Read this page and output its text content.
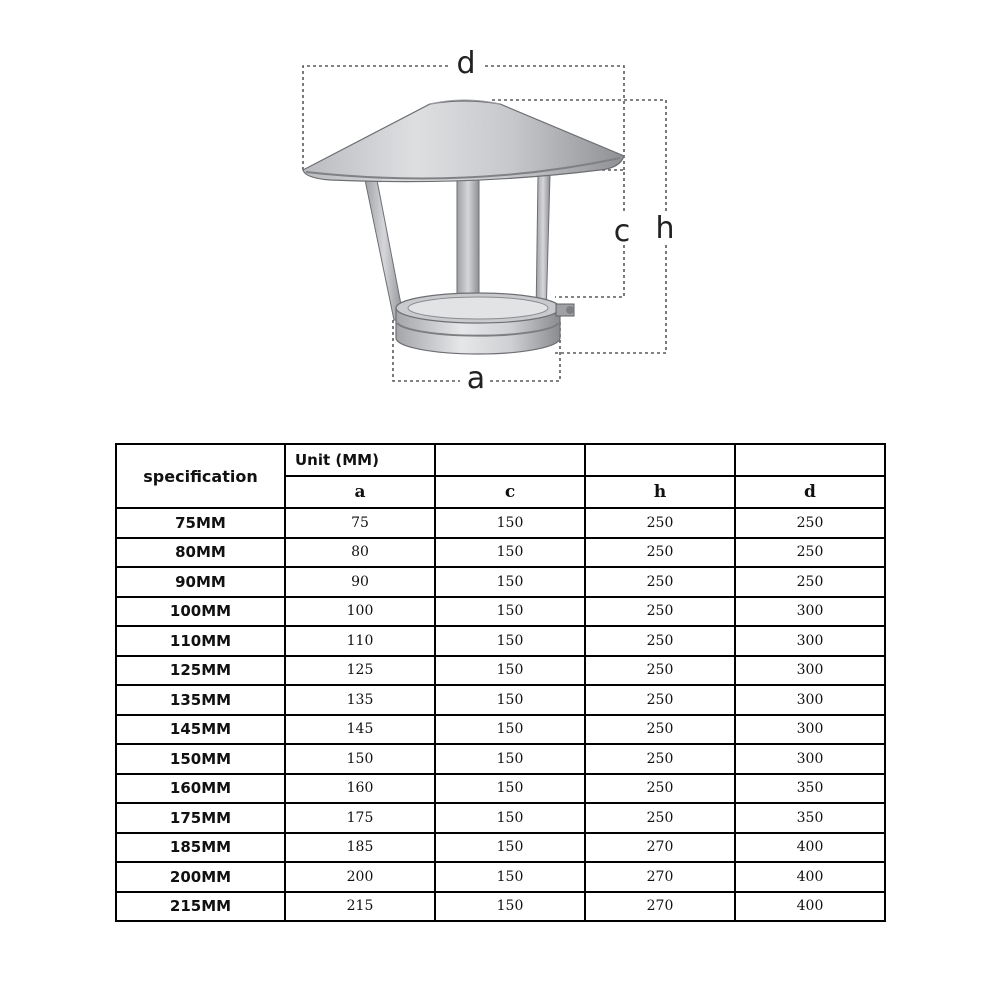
d
c h
a
specification	Unit (MM)			
	a	c	h	d
75MM	75	150	250	250
80MM	80	150	250	250
90MM	90	150	250	250
100MM	100	150	250	300
110MM	110	150	250	300
125MM	125	150	250	300
135MM	135	150	250	300
145MM	145	150	250	300
150MM	150	150	250	300
160MM	160	150	250	350
175MM	175	150	250	350
185MM	185	150	270	400
200MM	200	150	270	400
215MM	215	150	270	400
